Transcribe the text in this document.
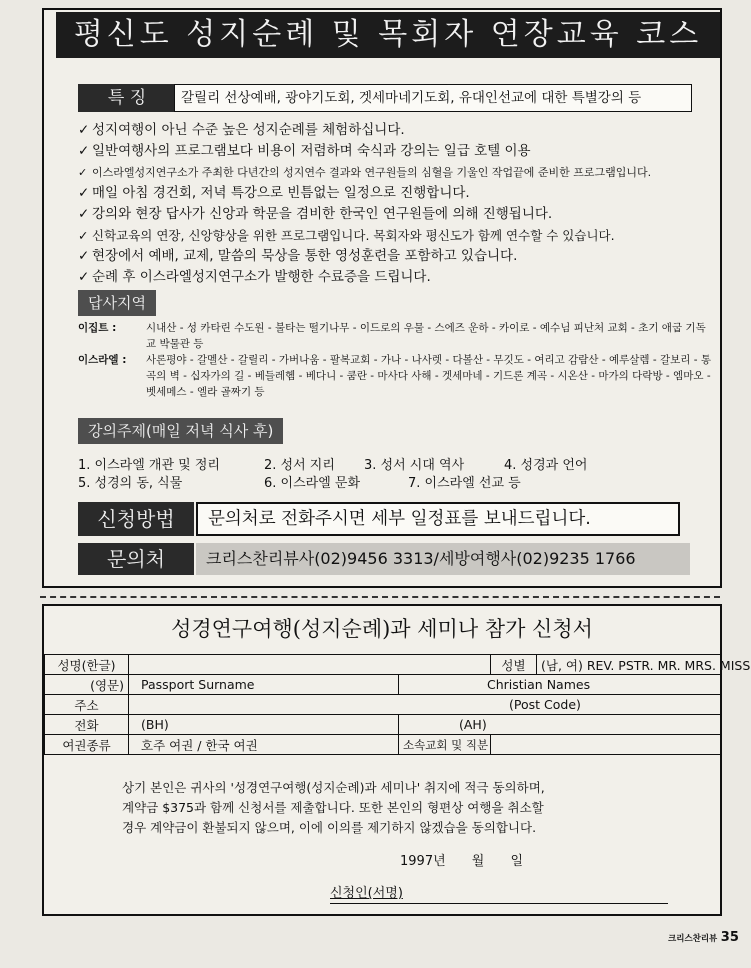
평신도 성지순례 및 목회자 연장교육 코스
특 징	갈릴리 선상예배, 광야기도회, 겟세마네기도회, 유대인선교에 대한 특별강의 등
✓ 성지여행이 아닌 수준 높은 성지순례를 체험하십니다.
✓ 일반여행사의 프로그램보다 비용이 저렴하며 숙식과 강의는 일급 호텔 이용
✓ 이스라엘성지연구소가 주최한 다년간의 성지연수 결과와 연구원들의 심혈을 기울인 작업끝에 준비한 프로그램입니다.
✓ 매일 아침 경건회, 저녁 특강으로 빈틈없는 일정으로 진행합니다.
✓ 강의와 현장 답사가 신앙과 학문을 겸비한 한국인 연구원들에 의해 진행됩니다.
✓ 신학교육의 연장, 신앙향상을 위한 프로그램입니다. 목회자와 평신도가 함께 연수할 수 있습니다.
✓ 현장에서 예배, 교제, 말씀의 묵상을 통한 영성훈련을 포함하고 있습니다.
✓ 순례 후 이스라엘성지연구소가 발행한 수료증을 드립니다.
답사지역
이집트 :	시내산 - 성 카타린 수도원 - 불타는 떨기나무 - 이드로의 우물 - 스에즈 운하 - 카이로 - 예수님 피난처 교회 - 초기 애굽 기독교 박물관 등
이스라엘 : 사론평야 - 갈멜산 - 갈릴리 - 가버나움 - 팔복교회 - 가나 - 나사렛 - 다볼산 - 무깃도 - 여리고 감람산 - 예루살렘 - 갈보리 - 통곡의 벽 - 십자가의 길 - 베들레헴 - 베다니 - 쿰란 - 마사다 사해 - 겟세마네 - 기드론 계곡 - 시온산 - 마가의 다락방 - 엠마오 - 벳세메스 - 엘라 골짜기 등
강의주제(매일 저녁 식사 후)
1. 이스라엘 개관 및 정리	2. 성서 지리 3. 성서 시대 역사	4. 성경과 언어
5. 성경의 동, 식물	6. 이스라엘 문화	7. 이스라엘 선교 등
신청방법	문의처로 전화주시면 세부 일정표를 보내드립니다.
문의처	크리스찬리뷰사(02)9456 3313/세방여행사(02)9235 1766
성경연구여행(성지순례)과 세미나 참가 신청서
성명(한글)			성별	(남, 여) REV. PSTR. MR. MRS. MISS
(영문)	Passport Surname	Christian Names		
주소	(Post Code)			
전화	(BH)	(AH)		
여권종류	호주 여권 / 한국 여권	소속교회 및 직분		
상기 본인은 귀사의 '성경연구여행(성지순례)과 세미나' 취지에 적극 동의하며,
계약금 $375과 함께 신청서를 제출합니다. 또한 본인의 형편상 여행을 취소할
경우 계약금이 환불되지 않으며, 이에 이의를 제기하지 않겠습을 동의합니다.
1997년 월 일
신청인(서명)
크리스찬리뷰 35
